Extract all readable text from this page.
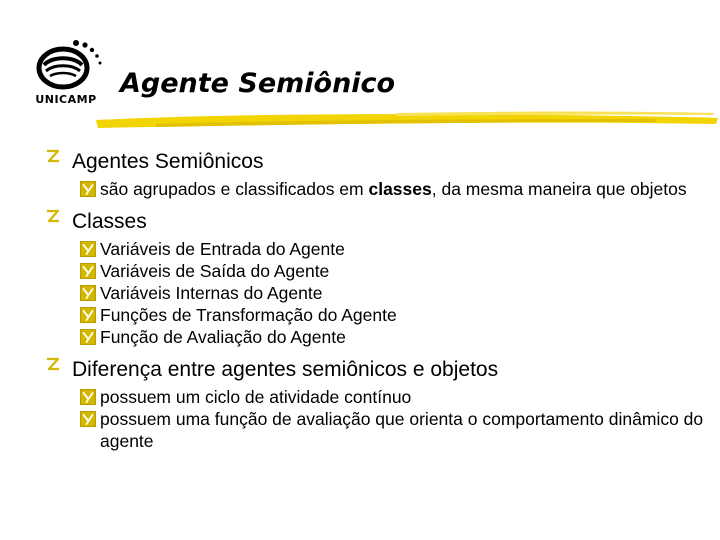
UNICAMP
Agente Semiônico
Agentes Semiônicos
são agrupados e classificados em classes, da mesma maneira que objetos
Classes
Variáveis de Entrada do Agente
Variáveis de Saída do Agente
Variáveis Internas do Agente
Funções de Transformação do Agente
Função de Avaliação do Agente
Diferença entre agentes semiônicos e objetos
possuem um ciclo de atividade contínuo
possuem uma função de avaliação que orienta o comportamento dinâmico do agente
